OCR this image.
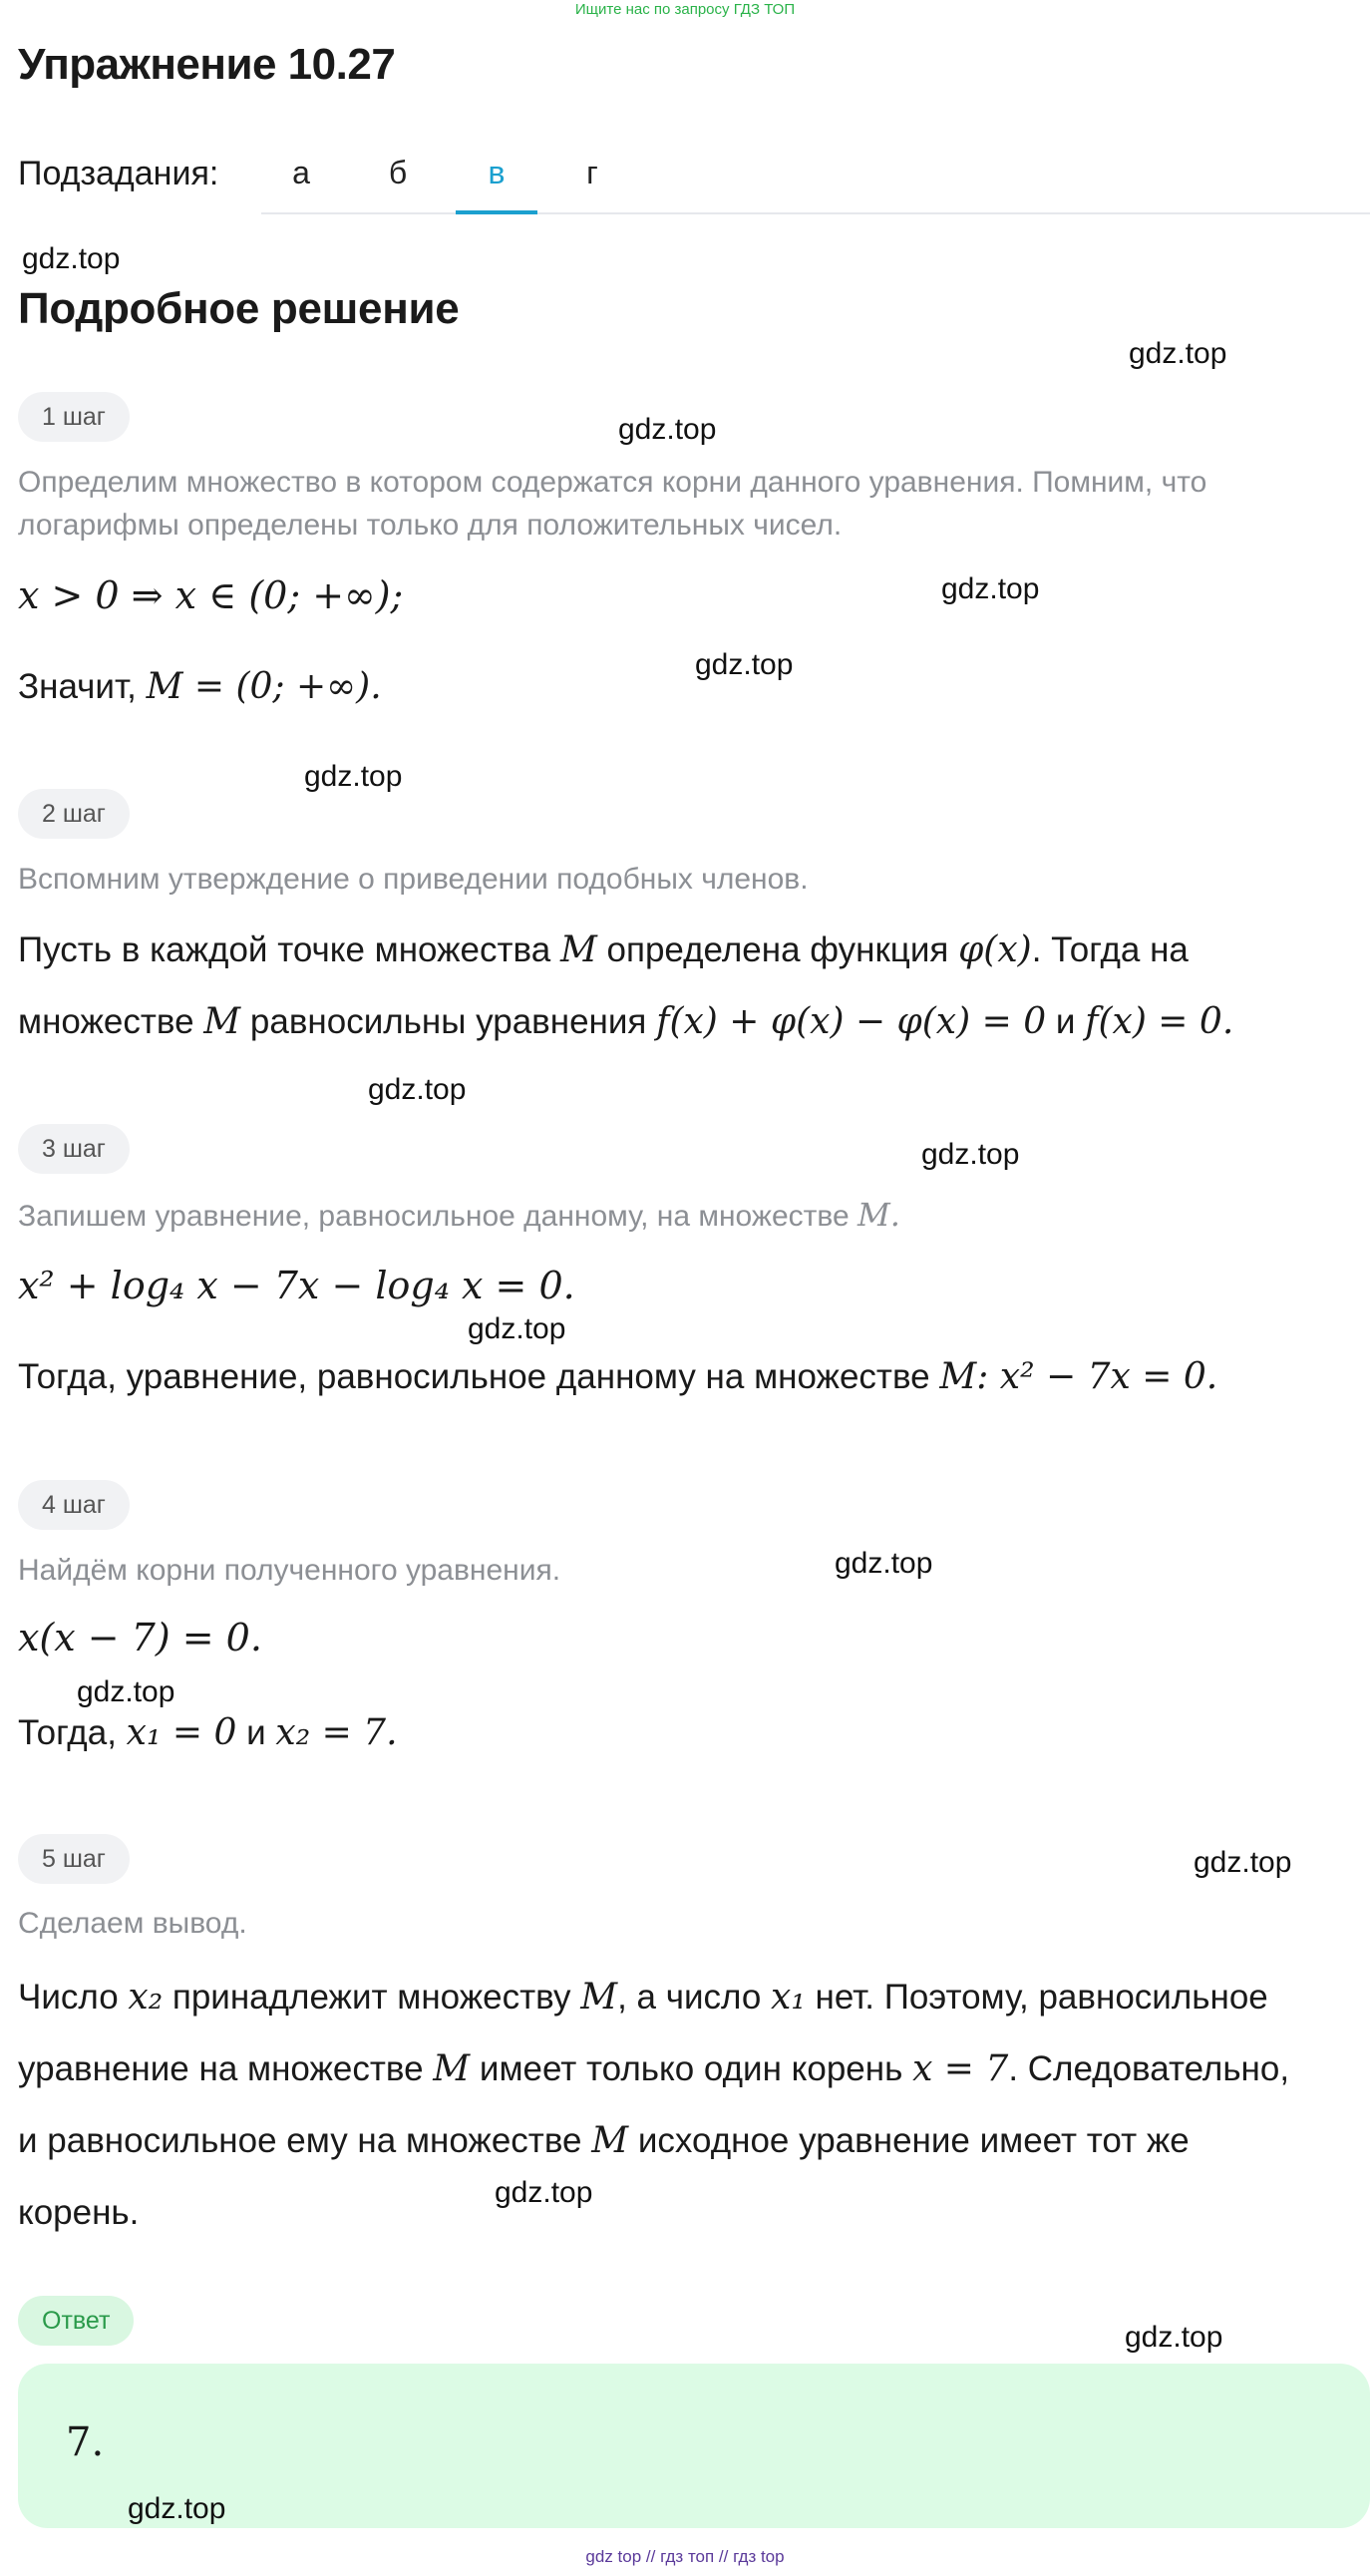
Ищите нас по запросу ГДЗ ТОП
Упражнение 10.27
Подзадания:	а	б	в	г
gdz.top
Подробное решение
gdz.top
1 шаг	gdz.top
Определим множество в котором содержатся корни данного уравнения. Помним, что
логарифмы определены только для положительных чисел.
x > 0 ⇒ x ∈ (0; +∞);	gdz.top
gdz.top
Значит, M = (0; +∞).
gdz.top
2 шаг
Вспомним утверждение о приведении подобных членов.
Пусть в каждой точке множества M определена функция φ(x). Тогда на
множестве M равносильны уравнения f(x) + φ(x) − φ(x) = 0 и f(x) = 0.
gdz.top
3 шаг	gdz.top
Запишем уравнение, равносильное данному, на множестве M.
x² + log₄ x − 7x − log₄ x = 0.
gdz.top
Тогда, уравнение, равносильное данному на множестве M: x² − 7x = 0.
4 шаг
gdz.top
Найдём корни полученного уравнения.
x(x − 7) = 0.
gdz.top
Тогда, x₁ = 0 и x₂ = 7.
5 шаг	gdz.top
Сделаем вывод.
Число x₂ принадлежит множеству M, а число x₁ нет. Поэтому, равносильное
уравнение на множестве M имеет только один корень x = 7. Следовательно,
и равносильное ему на множестве M исходное уравнение имеет тот же
gdz.top
корень.
Ответ	gdz.top
7.
gdz.top
gdz top // гдз топ // гдз top
